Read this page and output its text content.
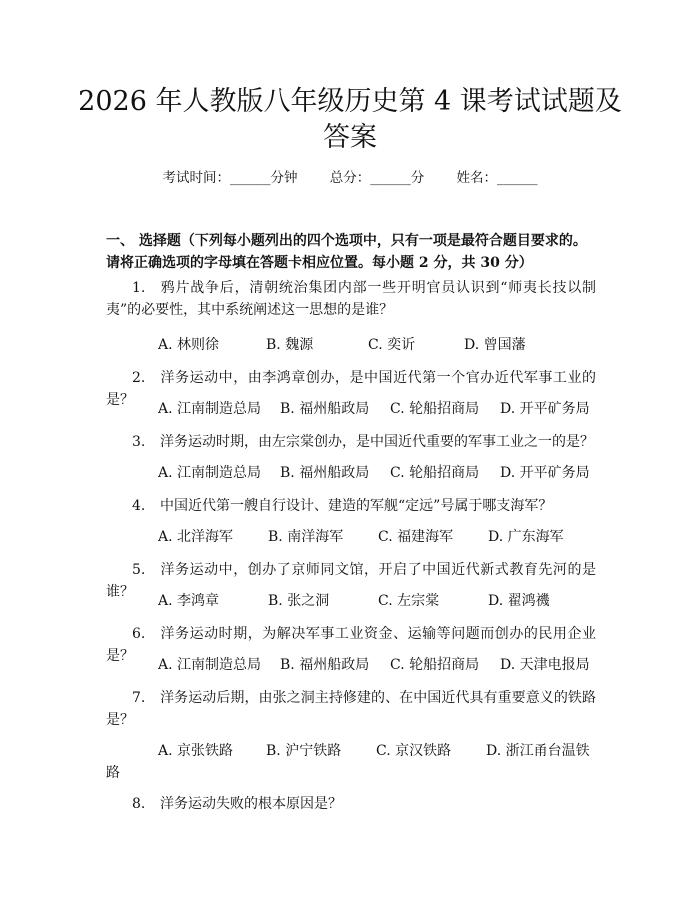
2026 年人教版八年级历史第 4 课考试试题及
答案
考试时间：______分钟 总分：______分 姓名：______
一、 选择题（下列每小题列出的四个选项中，只有一项是最符合题目要求的。请将正确选项的字母填在答题卡相应位置。每小题 2 分，共 30 分）
1. 鸦片战争后，清朝统治集团内部一些开明官员认识到“师夷长技以制夷”的必要性，其中系统阐述这一思想的是谁？
A. 林则徐	B. 魏源	C. 奕䜣	D. 曾国藩
2. 洋务运动中，由李鸿章创办，是中国近代第一个官办近代军事工业的是？
A. 江南制造总局 B. 福州船政局 C. 轮船招商局 D. 开平矿务局
3. 洋务运动时期，由左宗棠创办，是中国近代重要的军事工业之一的是？
A. 江南制造总局 B. 福州船政局 C. 轮船招商局 D. 开平矿务局
4. 中国近代第一艘自行设计、建造的军舰“定远”号属于哪支海军？
A. 北洋海军 B. 南洋海军 C. 福建海军 D. 广东海军
5. 洋务运动中，创办了京师同文馆，开启了中国近代新式教育先河的是谁？
A. 李鸿章	B. 张之洞	C. 左宗棠	D. 翟鸿禨
6. 洋务运动时期，为解决军事工业资金、运输等问题而创办的民用企业是？
A. 江南制造总局 B. 福州船政局 C. 轮船招商局 D. 天津电报局
7. 洋务运动后期，由张之洞主持修建的、在中国近代具有重要意义的铁路是？
A. 京张铁路 B. 沪宁铁路 C. 京汉铁路 D. 浙江甬台温铁路
8. 洋务运动失败的根本原因是？
